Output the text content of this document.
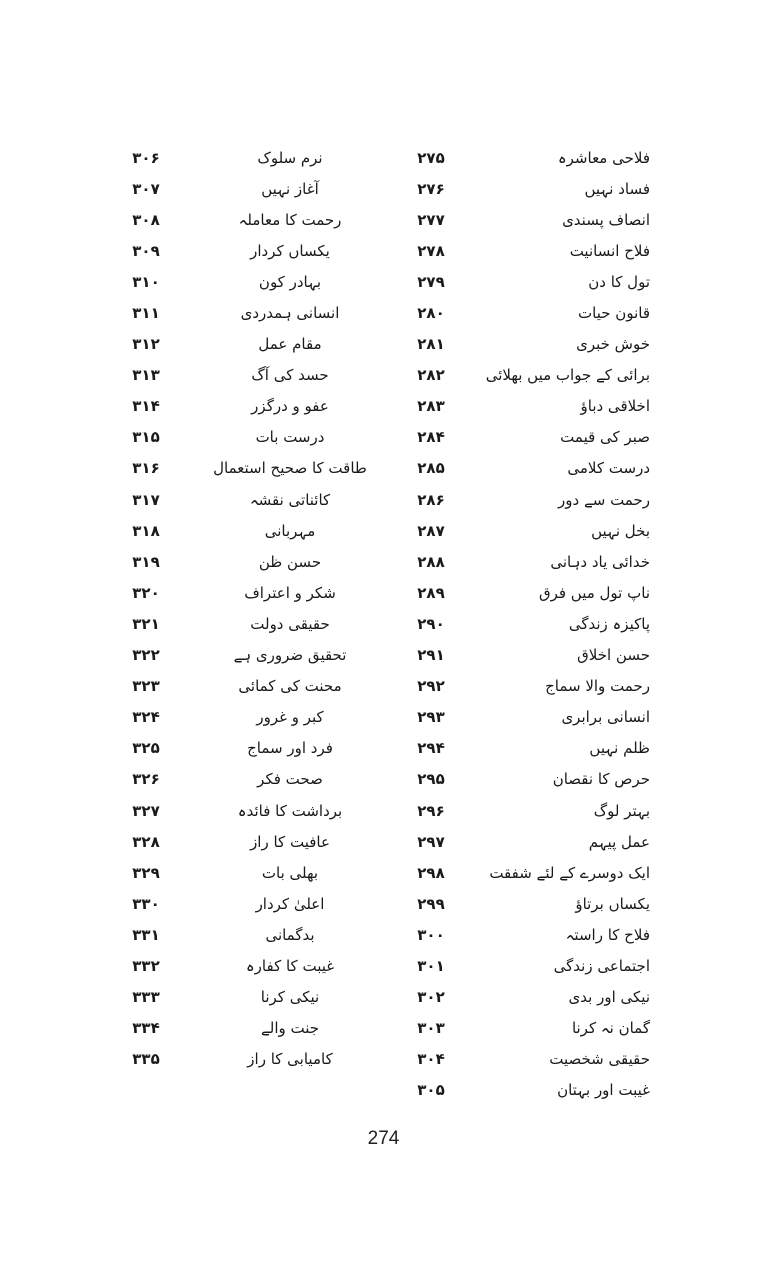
۲۷۵	فلاحی معاشرہ
۲۷۶	فساد نہیں
۲۷۷	انصاف پسندی
۲۷۸	فلاح انسانیت
۲۷۹	تول کا دن
۲۸۰	قانون حیات
۲۸۱	خوش خبری
۲۸۲	برائی کے جواب میں بھلائی
۲۸۳	اخلاقی دباؤ
۲۸۴	صبر کی قیمت
۲۸۵	درست کلامی
۲۸۶	رحمت سے دور
۲۸۷	بخل نہیں
۲۸۸	خدائی یاد دہانی
۲۸۹	ناپ تول میں فرق
۲۹۰	پاکیزہ زندگی
۲۹۱	حسن اخلاق
۲۹۲	رحمت والا سماج
۲۹۳	انسانی برابری
۲۹۴	ظلم نہیں
۲۹۵	حرص کا نقصان
۲۹۶	بہتر لوگ
۲۹۷	عمل پیہم
۲۹۸	ایک دوسرے کے لئے شفقت
۲۹۹	یکساں برتاؤ
۳۰۰	فلاح کا راستہ
۳۰۱	اجتماعی زندگی
۳۰۲	نیکی اور بدی
۳۰۳	گمان نہ کرنا
۳۰۴	حقیقی شخصیت
۳۰۵	غیبت اور بہتان
۳۰۶	نرم سلوک
۳۰۷	آغاز نہیں
۳۰۸	رحمت کا معاملہ
۳۰۹	یکساں کردار
۳۱۰	بہادر کون
۳۱۱	انسانی ہمدردی
۳۱۲	مقام عمل
۳۱۳	حسد کی آگ
۳۱۴	عفو و درگزر
۳۱۵	درست بات
۳۱۶	طاقت کا صحیح استعمال
۳۱۷	کائناتی نقشہ
۳۱۸	مہربانی
۳۱۹	حسن ظن
۳۲۰	شکر و اعتراف
۳۲۱	حقیقی دولت
۳۲۲	تحقیق ضروری ہے
۳۲۳	محنت کی کمائی
۳۲۴	کبر و غرور
۳۲۵	فرد اور سماج
۳۲۶	صحت فکر
۳۲۷	برداشت کا فائدہ
۳۲۸	عافیت کا راز
۳۲۹	بھلی بات
۳۳۰	اعلیٰ کردار
۳۳۱	بدگمانی
۳۳۲	غیبت کا کفارہ
۳۳۳	نیکی کرنا
۳۳۴	جنت والے
۳۳۵	کامیابی کا راز
274
